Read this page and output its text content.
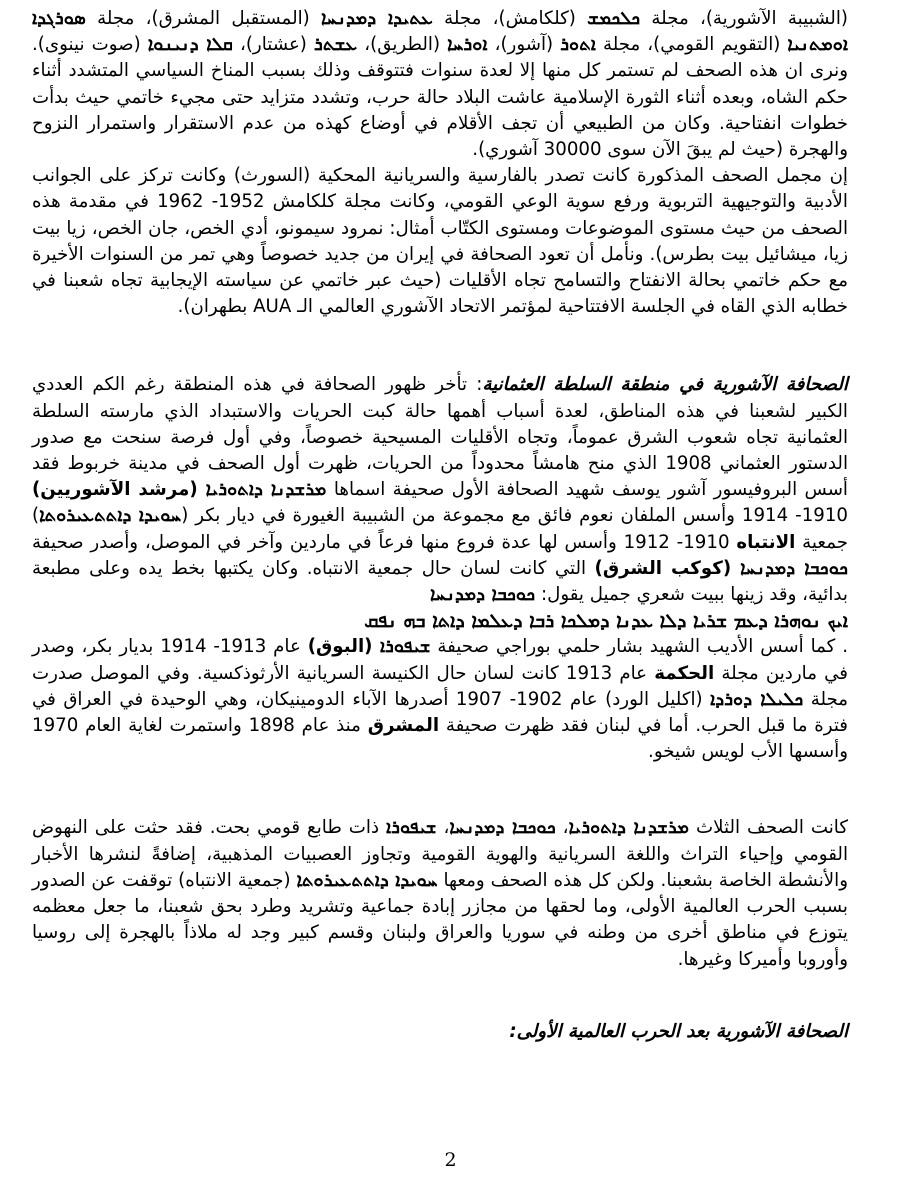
(الشبيبة الآشورية)، مجلة ܟܠܟܡܫ (كلكامش)، مجلة ܥܬܝܕܐ ܕܡܕܢܚܐ (المستقبل المشرق)، مجلة ܣܘܪܓܕܐ ܐܘܡܬܢܝܐ (التقويم القومي)، مجلة ܐܬܘܪ (آشور)، ܐܘܪܚܐ (الطريق)، ܥܫܬܪ (عشتار)، ܩܠܐ ܕܢܝܢܘܐ (صوت نينوى). ونرى ان هذه الصحف لم تستمر كل منها إلا لعدة سنوات فتتوقف وذلك بسبب المناخ السياسي المتشدد أثناء حكم الشاه، وبعده أثناء الثورة الإسلامية عاشت البلاد حالة حرب، وتشدد متزايد حتى مجيء خاتمي حيث بدأت خطوات انفتاحية. وكان من الطبيعي أن تجف الأقلام في أوضاع كهذه من عدم الاستقرار واستمرار النزوح والهجرة (حيث لم يبقَ الآن سوى 30000 آشوري).

إن مجمل الصحف المذكورة كانت تصدر بالفارسية والسريانية المحكية (السورث) وكانت تركز على الجوانب الأدبية والتوجيهية التربوية ورفع سوية الوعي القومي، وكانت مجلة كلكامش 1952- 1962 في مقدمة هذه الصحف من حيث مستوى الموضوعات ومستوى الكتّاب أمثال: نمرود سيمونو، أدي الخص، جان الخص، زيا بيت زيا، ميشائيل بيت بطرس). ونأمل أن تعود الصحافة في إيران من جديد خصوصاً وهي تمر من السنوات الأخيرة مع حكم خاتمي بحالة الانفتاح والتسامح تجاه الأقليات (حيث عبر خاتمي عن سياسته الإيجابية تجاه شعبنا في خطابه الذي القاه في الجلسة الافتتاحية لمؤتمر الاتحاد الآشوري العالمي الـ AUA بطهران).

الصحافة الآشورية في منطقة السلطة العثمانية: تأخر ظهور الصحافة في هذه المنطقة رغم الكم العددي الكبير لشعبنا في هذه المناطق، لعدة أسباب أهمها حالة كبت الحريات والاستبداد الذي مارسته السلطة العثمانية تجاه شعوب الشرق عموماً، وتجاه الأقليات المسيحية خصوصاً، وفي أول فرصة سنحت مع صدور الدستور العثماني 1908 الذي منح هامشاً محدوداً من الحريات، ظهرت أول الصحف في مدينة خربوط فقد أسس البروفيسور آشور يوسف شهيد الصحافة الأول صحيفة اسماها ܡܪܫܕܢܐ ܕܐܬܘܪܝܐ (مرشد الآشوريين) 1910- 1914 وأسس الملفان نعوم فائق مع مجموعة من الشبيبة الغيورة في ديار بكر (ܚܘܝܕܐ ܕܐܬܬܥܝܪܘܬܐ) جمعية الانتباه 1910- 1912 وأسس لها عدة فروع منها فرعاً في ماردين وآخر في الموصل، وأصدر صحيفة ܟܘܟܒܐ ܕܡܕܢܚܐ (كوكب الشرق) التي كانت لسان حال جمعية الانتباه. وكان يكتبها بخط يده وعلى مطبعة بدائية، وقد زينها ببيت شعري جميل يقول: ܟܘܟܒܐ ܕܡܕܢܚܐ

ܐܝܟ ܢܘܗܪܐ ܕܥܡ ܫܪܝܐ ܕܠܐ ܥܕܢܐ ܕܡܠܟܐ ܪܒܐ ܕܥܠܡܐ ܕܐܬܐ ܒܗ ܢܦܩ

. كما أسس الأديب الشهيد بشار حلمي بوراجي صحيفة ܫܝܦܘܪܐ (البوق) عام 1913- 1914 بديار بكر، وصدر في ماردين مجلة الحكمة عام 1913 كانت لسان حال الكنيسة السريانية الأرثوذكسية. وفي الموصل صدرت مجلة ܟܠܝܠܐ ܕܘܪܕܐ (اكليل الورد) عام 1902- 1907 أصدرها الآباء الدومينيكان، وهي الوحيدة في العراق في فترة ما قبل الحرب. أما في لبنان فقد ظهرت صحيفة المشرق منذ عام 1898 واستمرت لغاية العام 1970 وأسسها الأب لويس شيخو.

كانت الصحف الثلاث ܡܪܫܕܢܐ ܕܐܬܘܪܝܐ، ܟܘܟܒܐ ܕܡܕܢܚܐ، ܫܝܦܘܪܐ ذات طابع قومي بحت. فقد حثت على النهوض القومي وإحياء التراث واللغة السريانية والهوية القومية وتجاوز العصبيات المذهبية، إضافةً لنشرها الأخبار والأنشطة الخاصة بشعبنا. ولكن كل هذه الصحف ومعها ܚܘܝܕܐ ܕܐܬܬܥܝܪܘܬܐ (جمعية الانتباه) توقفت عن الصدور بسبب الحرب العالمية الأولى، وما لحقها من مجازر إبادة جماعية وتشريد وطرد بحق شعبنا، ما جعل معظمه يتوزع في مناطق أخرى من وطنه في سوريا والعراق ولبنان وقسم كبير وجد له ملاذاً بالهجرة إلى روسيا وأوروبا وأميركا وغيرها.

الصحافة الآشورية بعد الحرب العالمية الأولى:

2
